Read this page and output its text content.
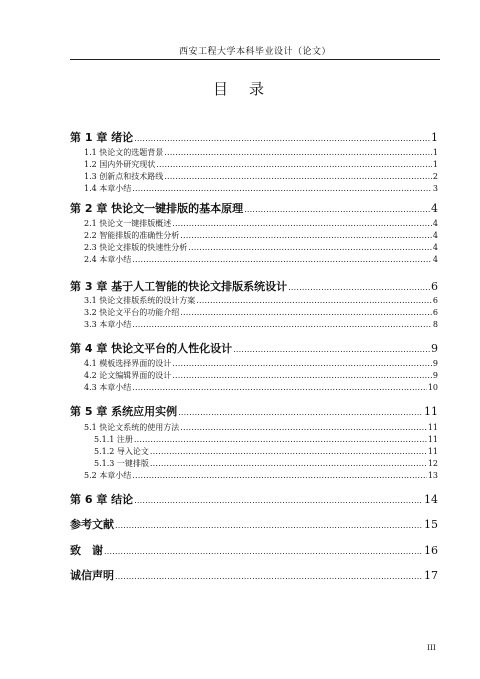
西安工程大学本科毕业设计（论文）
目　录
第 1 章 绪论 .....	1
1.1 快论文的选题背景 .....	1
1.2 国内外研究现状 .....	1
1.3 创新点和技术路线 .....	2
1.4 本章小结 .....	3
第 2 章 快论文一键排版的基本原理 .....	4
2.1 快论文一键排版概述 .....	4
2.2 智能排版的准确性分析 .....	4
2.3 快论文排版的快速性分析 .....	4
2.4 本章小结 .....	4
第 3 章 基于人工智能的快论文排版系统设计 .....	6
3.1 快论文排版系统的设计方案 .....	6
3.2 快论文平台的功能介绍 .....	6
3.3 本章小结 .....	8
第 4 章 快论文平台的人性化设计 .....	9
4.1 模板选择界面的设计 .....	9
4.2 论文编辑界面的设计 .....	9
4.3 本章小结 .....	10
第 5 章 系统应用实例 .....	11
5.1 快论文系统的使用方法 .....	11
5.1.1 注册 .....	11
5.1.2 导入论文 .....	11
5.1.3 一键排版 .....	12
5.2 本章小结 .....	13
第 6 章 结论 .....	14
参考文献 .....	15
致　谢 .....	16
诚信声明 .....	17
III
